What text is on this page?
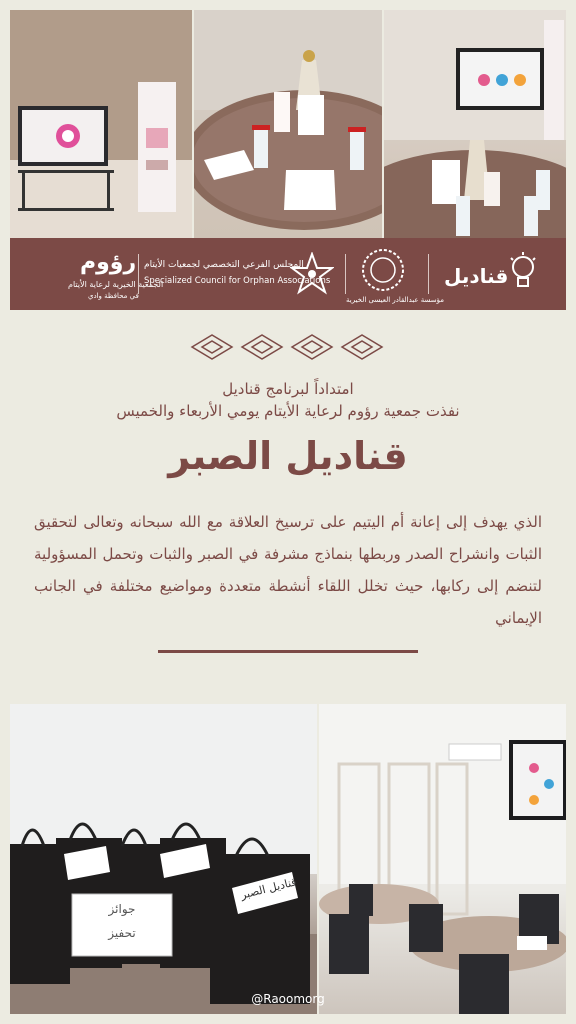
قناديل
مؤسسة عبدالقادر العيسى الخيرية
المجلس الفرعي التخصصي لجمعيات الأيتام
Specialized Council for Orphan Associations
رؤوم
الجمعية الخيرية لرعاية الأيتام
في محافظة وادي
امتداداً لبرنامج قناديل
نفذت جمعية رؤوم لرعاية الأيتام يومي الأربعاء والخميس
قناديل الصبر
الذي يهدف إلى إعانة أم اليتيم على ترسيخ العلاقة مع الله سبحانه وتعالى لتحقيق الثبات وانشراح الصدر وربطها بنماذج مشرفة في الصبر والثبات وتحمل المسؤولية لتنضم إلى ركابها، حيث تخلل اللقاء أنشطة متعددة ومواضيع مختلفة في الجانب الإيماني
قناديل الصبر
جوائز
تحفيز
@Raoomorg
